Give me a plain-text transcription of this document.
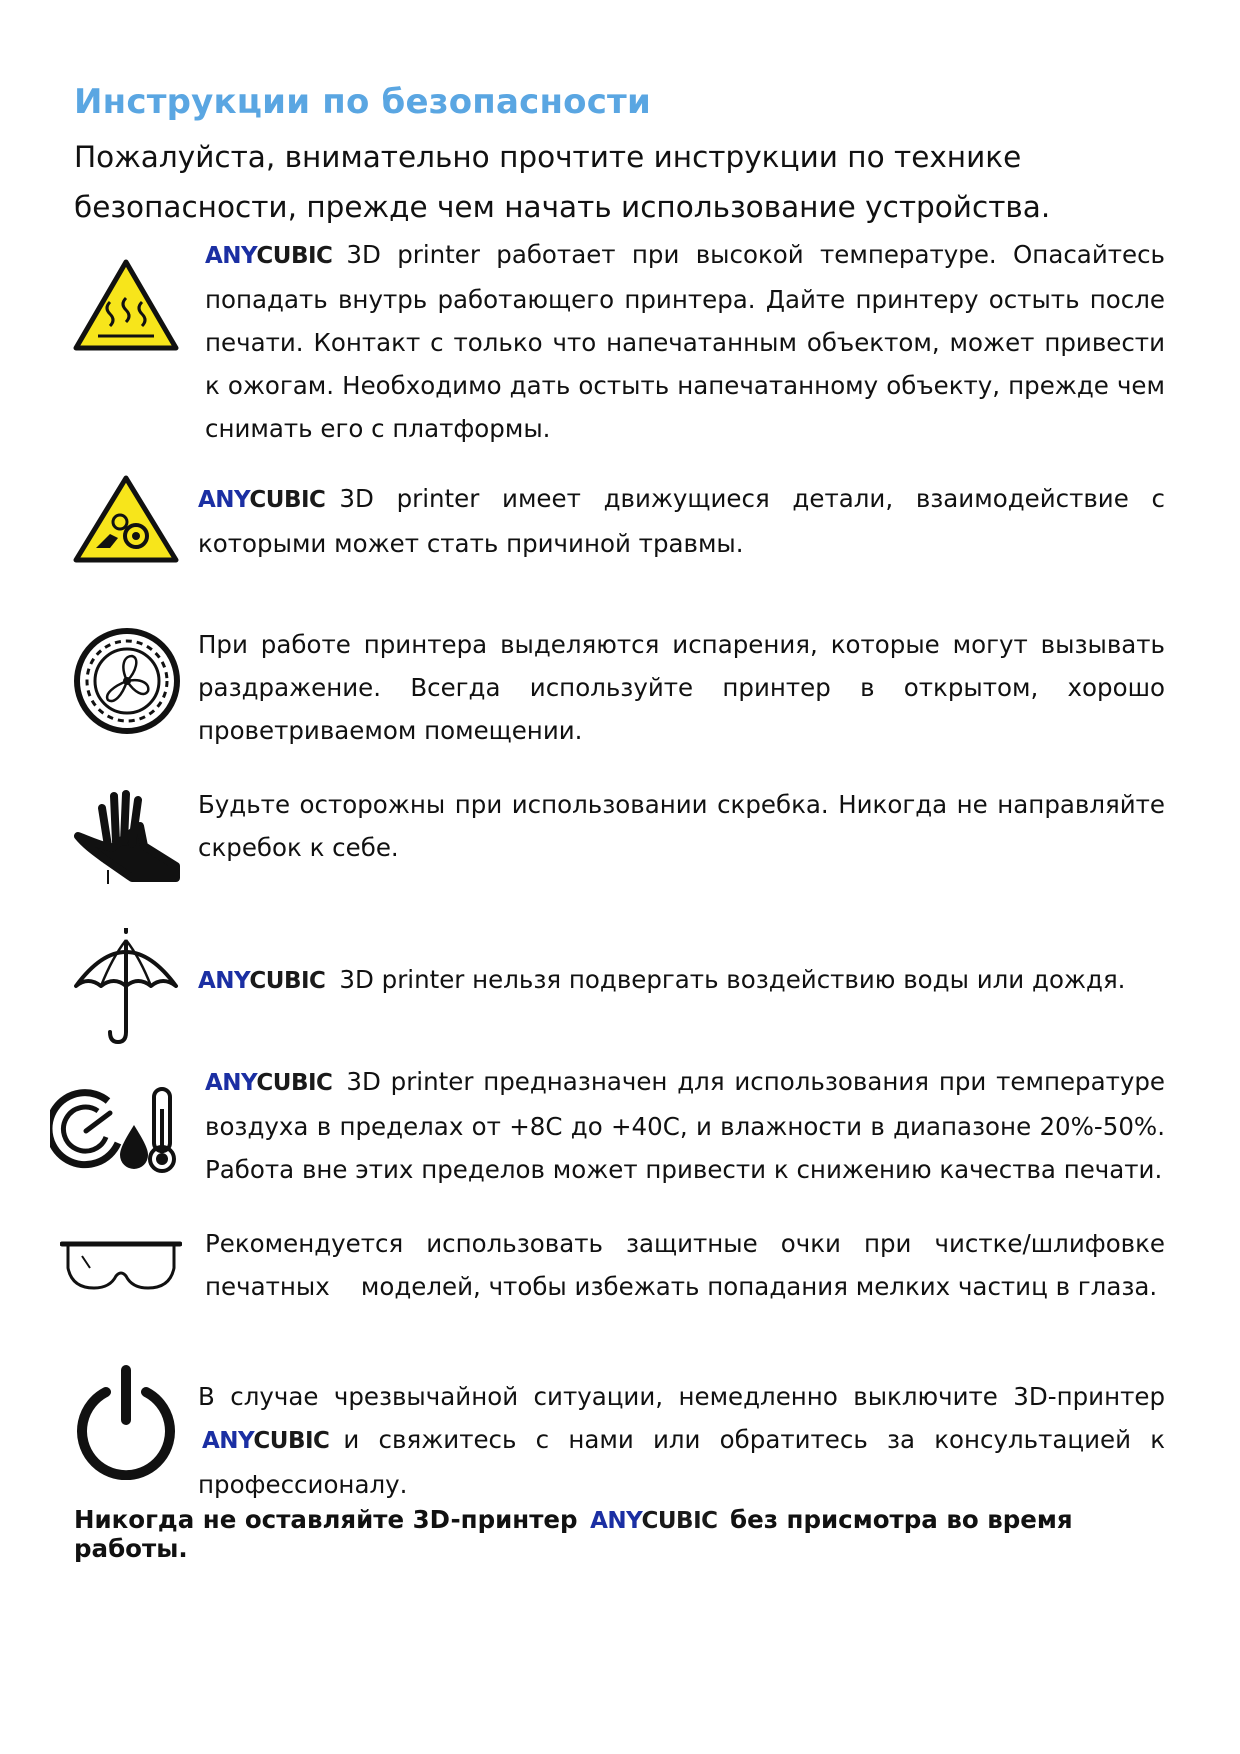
Инструкции по безопасности
Пожалуйста, внимательно прочтите инструкции по технике безопасности, прежде чем начать использование устройства.
ANYCUBIC 3D printer работает при высокой температуре. Опасайтесь попадать внутрь работающего принтера. Дайте принтеру остыть после печати. Контакт с только что напечатанным объектом, может привести к ожогам. Необходимо дать остыть напечатанному объекту, прежде чем снимать его с платформы.
ANYCUBIC 3D printer имеет движущиеся детали, взаимодействие с которыми может стать причиной травмы.
При работе принтера выделяются испарения, которые могут вызывать раздражение. Всегда используйте принтер в открытом, хорошо проветриваемом помещении.
Будьте осторожны при использовании скребка. Никогда не направляйте скребок к себе.
ANYCUBIC 3D printer нельзя подвергать воздействию воды или дождя.
ANYCUBIC 3D printer предназначен для использования при температуре воздуха в пределах от +8C до +40C, и влажности в диапазоне 20%-50%. Работа вне этих пределов может привести к снижению качества печати.
Рекомендуется использовать защитные очки при чистке/шлифовке печатных    моделей, чтобы избежать попадания мелких частиц в глаза.
В случае чрезвычайной ситуации, немедленно выключите 3D-принтер ANYCUBIC и свяжитесь с нами или обратитесь за консультацией к профессионалу.
Никогда не оставляйте 3D-принтер ANYCUBIC без присмотра во время работы.
